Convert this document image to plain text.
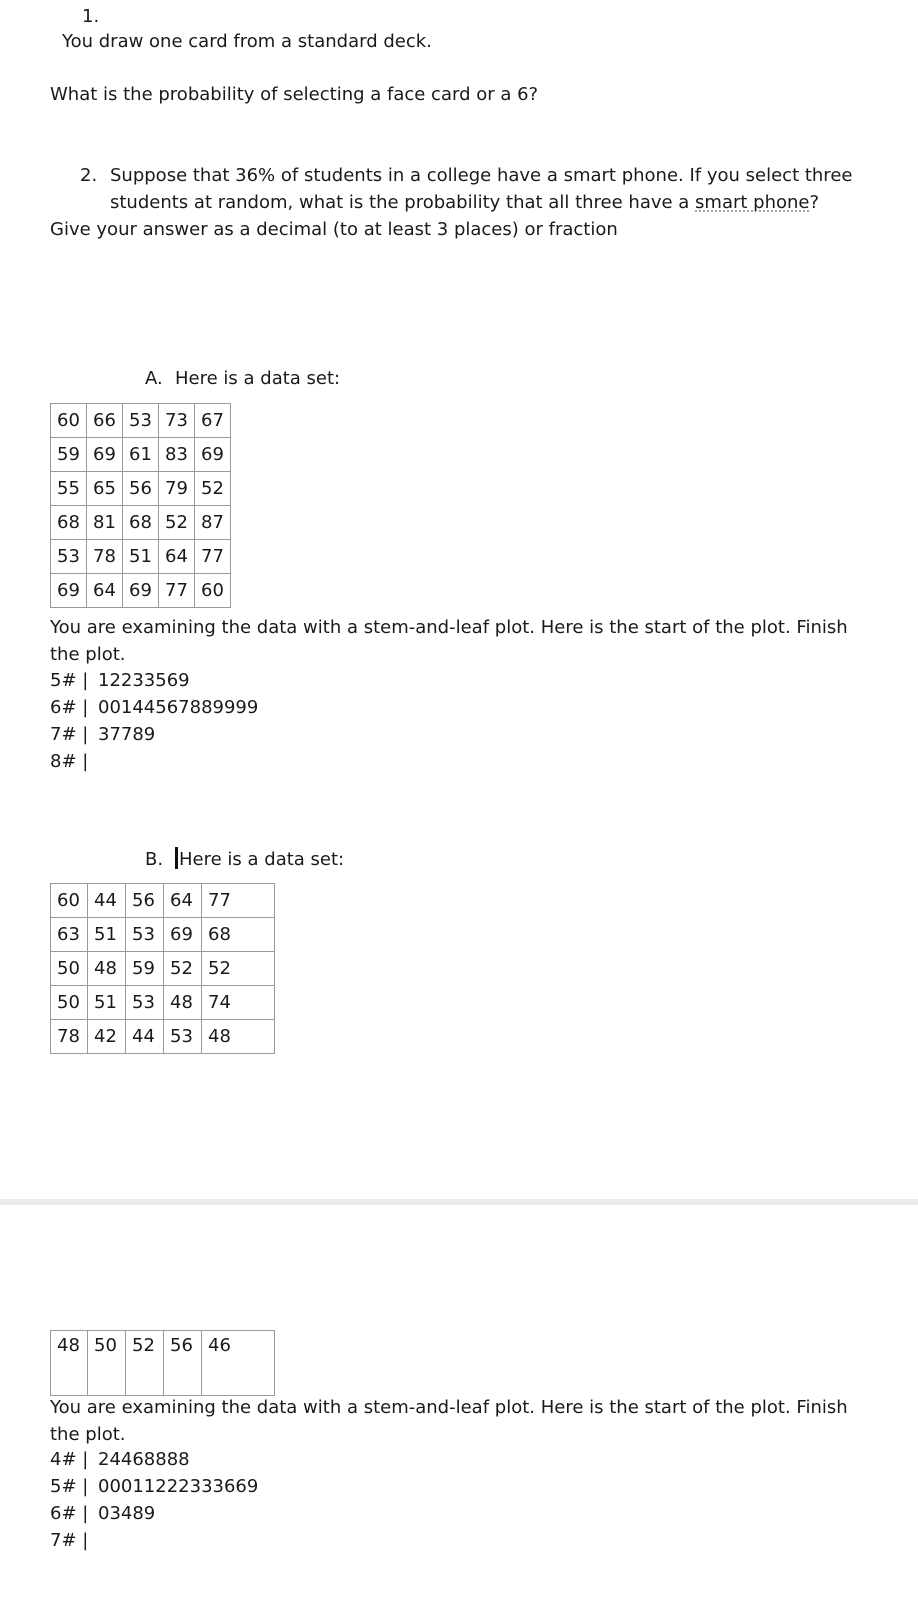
1.
You draw one card from a standard deck.
What is the probability of selecting a face card or a 6?
2. Suppose that 36% of students in a college have a smart phone. If you select three students at random, what is the probability that all three have a smart phone?
Give your answer as a decimal (to at least 3 places) or fraction
A. Here is a data set:
60	66	53	73	67
59	69	61	83	69
55	65	56	79	52
68	81	68	52	87
53	78	51	64	77
69	64	69	77	60
You are examining the data with a stem-and-leaf plot. Here is the start of the plot. Finish the plot.
5# | 12233569
6# | 00144567889999
7# | 37789
8# |
B. Here is a data set:
60	44	56	64	77
63	51	53	69	68
50	48	59	52	52
50	51	53	48	74
78	42	44	53	48
48	50	52	56	46
You are examining the data with a stem-and-leaf plot. Here is the start of the plot. Finish the plot.
4# | 24468888
5# | 00011222333669
6# | 03489
7# |
